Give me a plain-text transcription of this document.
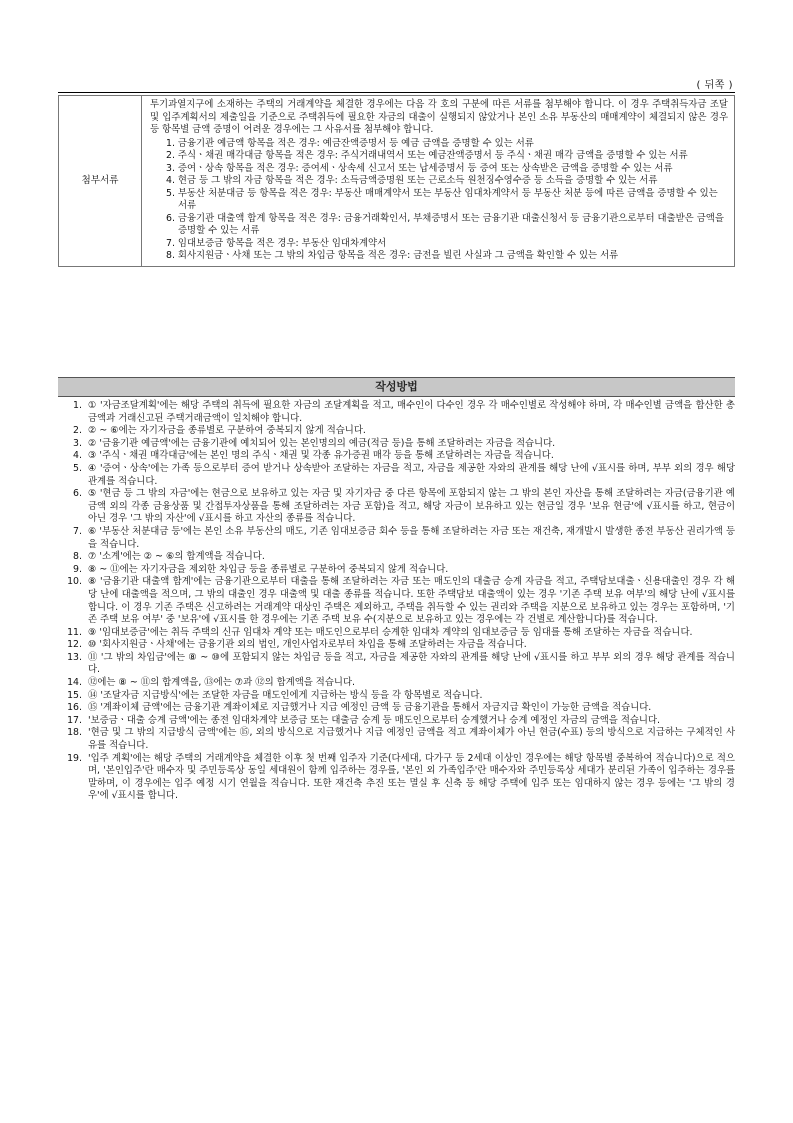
( 뒤쪽 )
첨부서류	

투기과열지구에 소재하는 주택의 거래계약을 체결한 경우에는 다음 각 호의 구분에 따른 서류를 첨부해야 합니다. 이 경우 주택취득자금 조달 및 입주계획서의 제출일을 기준으로 주택취득에 필요한 자금의 대출이 실행되지 않았거나 본인 소유 부동산의 매매계약이 체결되지 않은 경우 등 항목별 금액 증명이 어려운 경우에는 그 사유서를 첨부해야 합니다.

1. 금융기관 예금액 항목을 적은 경우: 예금잔액증명서 등 예금 금액을 증명할 수 있는 서류
2. 주식ㆍ채권 매각대금 항목을 적은 경우: 주식거래내역서 또는 예금잔액증명서 등 주식ㆍ채권 매각 금액을 증명할 수 있는 서류
3. 증여ㆍ상속 항목을 적은 경우: 증여세ㆍ상속세 신고서 또는 납세증명서 등 증여 또는 상속받은 금액을 증명할 수 있는 서류
4. 현금 등 그 밖의 자금 항목을 적은 경우: 소득금액증명원 또는 근로소득 원천징수영수증 등 소득을 증명할 수 있는 서류
5. 부동산 처분대금 등 항목을 적은 경우: 부동산 매매계약서 또는 부동산 임대차계약서 등 부동산 처분 등에 따른 금액을 증명할 수 있는 서류
6. 금융기관 대출액 합계 항목을 적은 경우: 금융거래확인서, 부채증명서 또는 금융기관 대출신청서 등 금융기관으로부터 대출받은 금액을 증명할 수 있는 서류
7. 임대보증금 항목을 적은 경우: 부동산 임대차계약서
8. 회사지원금ㆍ사채 또는 그 밖의 차입금 항목을 적은 경우: 금전을 빌린 사실과 그 금액을 확인할 수 있는 서류
작성방법
1. ① '자금조달계획'에는 해당 주택의 취득에 필요한 자금의 조달계획을 적고, 매수인이 다수인 경우 각 매수인별로 작성해야 하며, 각 매수인별 금액을 합산한 총 금액과 거래신고된 주택거래금액이 일치해야 합니다.
2. ② ~ ⑥에는 자기자금을 종류별로 구분하여 중복되지 않게 적습니다.
3. ② '금융기관 예금액'에는 금융기관에 예치되어 있는 본인명의의 예금(적금 등)을 통해 조달하려는 자금을 적습니다.
4. ③ '주식ㆍ채권 매각대금'에는 본인 명의 주식ㆍ채권 및 각종 유가증권 매각 등을 통해 조달하려는 자금을 적습니다.
5. ④ '증여ㆍ상속'에는 가족 등으로부터 증여 받거나 상속받아 조달하는 자금을 적고, 자금을 제공한 자와의 관계를 해당 난에 √표시를 하며, 부부 외의 경우 해당 관계를 적습니다.
6. ⑤ '현금 등 그 밖의 자금'에는 현금으로 보유하고 있는 자금 및 자기자금 중 다른 항목에 포함되지 않는 그 밖의 본인 자산을 통해 조달하려는 자금(금융기관 예금액 외의 각종 금융상품 및 간접투자상품을 통해 조달하려는 자금 포함)을 적고, 해당 자금이 보유하고 있는 현금일 경우 '보유 현금'에 √표시를 하고, 현금이 아닌 경우 '그 밖의 자산'에 √표시를 하고 자산의 종류를 적습니다.
7. ⑥ '부동산 처분대금 등'에는 본인 소유 부동산의 매도, 기존 임대보증금 회수 등을 통해 조달하려는 자금 또는 재건축, 재개발시 발생한 종전 부동산 권리가액 등을 적습니다.
8. ⑦ '소계'에는 ② ~ ⑥의 합계액을 적습니다.
9. ⑧ ~ ⑪에는 자기자금을 제외한 차입금 등을 종류별로 구분하여 중복되지 않게 적습니다.
10. ⑧ '금융기관 대출액 합계'에는 금융기관으로부터 대출을 통해 조달하려는 자금 또는 매도인의 대출금 승계 자금을 적고, 주택담보대출ㆍ신용대출인 경우 각 해당 난에 대출액을 적으며, 그 밖의 대출인 경우 대출액 및 대출 종류를 적습니다. 또한 주택담보 대출액이 있는 경우 '기존 주택 보유 여부'의 해당 난에 √표시를 합니다. 이 경우 기존 주택은 신고하려는 거래계약 대상인 주택은 제외하고, 주택을 취득할 수 있는 권리와 주택을 지분으로 보유하고 있는 경우는 포함하며, '기존 주택 보유 여부' 중 '보유'에 √표시를 한 경우에는 기존 주택 보유 수(지분으로 보유하고 있는 경우에는 각 건별로 계산합니다)를 적습니다.
11. ⑨ '임대보증금'에는 취득 주택의 신규 임대차 계약 또는 매도인으로부터 승계한 임대차 계약의 임대보증금 등 임대를 통해 조달하는 자금을 적습니다.
12. ⑩ '회사지원금ㆍ사채'에는 금융기관 외의 법인, 개인사업자로부터 차입을 통해 조달하려는 자금을 적습니다.
13. ⑪ '그 밖의 차입금'에는 ⑧ ~ ⑩에 포함되지 않는 차입금 등을 적고, 자금을 제공한 자와의 관계를 해당 난에 √표시를 하고 부부 외의 경우 해당 관계를 적습니다.
14. ⑫에는 ⑧ ~ ⑪의 합계액을, ⑬에는 ⑦과 ⑫의 합계액을 적습니다.
15. ⑭ '조달자금 지급방식'에는 조달한 자금을 매도인에게 지급하는 방식 등을 각 항목별로 적습니다.
16. ⑮ '계좌이체 금액'에는 금융기관 계좌이체로 지급했거나 지급 예정인 금액 등 금융기관을 통해서 자금지급 확인이 가능한 금액을 적습니다.
17. '보증금ㆍ대출 승계 금액'에는 종전 임대차계약 보증금 또는 대출금 승계 등 매도인으로부터 승계했거나 승계 예정인 자금의 금액을 적습니다.
18. '현금 및 그 밖의 지급방식 금액'에는 ⑮, 외의 방식으로 지급했거나 지급 예정인 금액을 적고 계좌이체가 아닌 현금(수표) 등의 방식으로 지급하는 구체적인 사유를 적습니다.
19. '입주 계획'에는 해당 주택의 거래계약을 체결한 이후 첫 번째 입주자 기준(다세대, 다가구 등 2세대 이상인 경우에는 해당 항목별 중복하여 적습니다)으로 적으며, '본인입주'란 매수자 및 주민등록상 동일 세대원이 함께 입주하는 경우를, '본인 외 가족입주'란 매수자와 주민등록상 세대가 분리된 가족이 입주하는 경우를 말하며, 이 경우에는 입주 예정 시기 연월을 적습니다. 또한 재건축 추진 또는 멸실 후 신축 등 해당 주택에 입주 또는 임대하지 않는 경우 등에는 '그 밖의 경우'에 √표시를 합니다.
